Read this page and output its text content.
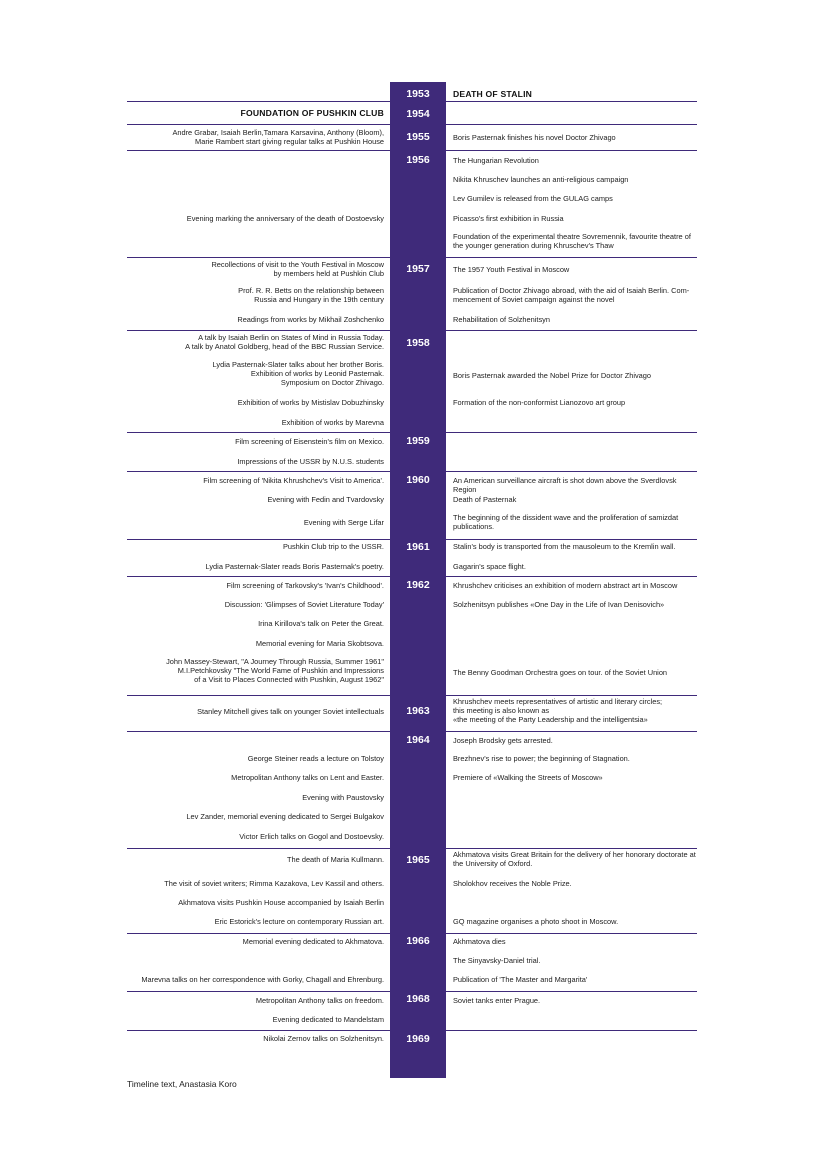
1953	DEATH OF STALIN
1954
FOUNDATION OF PUSHKIN CLUB
1955
Andre Grabar, Isaiah Berlin,Tamara Karsavina, Anthony (Bloom),
Marie Rambert start giving regular talks at Pushkin House	Boris Pasternak finishes his novel Doctor Zhivago
1956
Evening marking the anniversary of the death of Dostoevsky
The Hungarian Revolution
Nikita Khruschev launches an anti-religious campaign
Lev Gumilev is released from the GULAG camps
Picasso's first exhibition in Russia
Foundation of the experimental theatre Sovremennik, favourite theatre of
the younger generation during Khruschev's Thaw
1957
Recollections of visit to the Youth Festival in Moscow
by members held at Pushkin Club
Prof. R. R. Betts on the relationship between
Russia and Hungary in the 19th century
Readings from works by Mikhail Zoshchenko
The 1957 Youth Festival in Moscow
Publication of Doctor Zhivago abroad, with the aid of Isaiah Berlin. Com-
mencement of Soviet campaign against the novel
Rehabilitation of Solzhenitsyn
1958
A talk by Isaiah Berlin on States of Mind in Russia Today.
A talk by Anatol Goldberg, head of the BBC Russian Service.
Lydia Pasternak-Slater talks about her brother Boris.
Exhibition of works by Leonid Pasternak.
Symposium on Doctor Zhivago.
Exhibition of works by Mistislav Dobuzhinsky
Exhibition of works by Marevna
Boris Pasternak awarded the Nobel Prize for Doctor Zhivago
Formation of the non-conformist Lianozovo art group
1959
Film screening of Eisenstein's film on Mexico.
Impressions of the USSR by N.U.S. students
1960
Film screening of 'Nikita Khrushchev's Visit to America'.
Evening with Fedin and Tvardovsky
Evening with Serge Lifar
An American surveillance aircraft is shot down above the Sverdlovsk Region
Death of Pasternak
The beginning of the dissident wave and the proliferation of samizdat
publications.
1961
Pushkin Club trip to the USSR.
Lydia Pasternak-Slater reads Boris Pasternak's poetry.
Stalin's body is transported from the mausoleum to the Kremlin wall.
Gagarin's space flight.
1962
Film screening of Tarkovsky's 'Ivan's Childhood'.
Discussion: 'Glimpses of Soviet Literature Today'
Irina Kirillova's talk on Peter the Great.
Memorial evening for Maria Skobtsova.
John Massey-Stewart, "A Journey Through Russia, Summer 1961"
M.I.Petchkovsky "The World Fame of Pushkin and Impressions
of a Visit to Places Connected with Pushkin, August 1962"
Khrushchev criticises an exhibition of modern abstract art in Moscow
Solzhenitsyn publishes «One Day in the Life of Ivan Denisovich»
The Benny Goodman Orchestra goes on tour. of the Soviet Union
1963
Stanley Mitchell gives talk on younger Soviet intellectuals
Khrushchev meets representatives of artistic and literary circles;
this meeting is also known as
«the meeting of the Party Leadership and the intelligentsia»
1964
George Steiner reads a lecture on Tolstoy
Metropolitan Anthony talks on Lent and Easter.
Evening with Paustovsky
Lev Zander, memorial evening dedicated to Sergei Bulgakov
Victor Erlich talks on Gogol and Dostoevsky.
Joseph Brodsky gets arrested.
Brezhnev's rise to power; the beginning of Stagnation.
Premiere of «Walking the Streets of Moscow»
1965
The death of Maria Kullmann.
The visit of soviet writers; Rimma Kazakova, Lev Kassil and others.
Akhmatova visits Pushkin House accompanied by Isaiah Berlin
Eric Estorick's lecture on contemporary Russian art.
Akhmatova visits Great Britain for the delivery of her honorary doctorate at
the University of Oxford.
Sholokhov receives the Noble Prize.
GQ magazine organises a photo shoot in Moscow.
1966
Memorial evening dedicated to Akhmatova.
Marevna talks on her correspondence with Gorky, Chagall and Ehrenburg.
Akhmatova dies
The Sinyavsky-Daniel trial.
Publication of 'The Master and Margarita'
1968
Metropolitan Anthony talks on freedom.
Evening dedicated to Mandelstam
Soviet tanks enter Prague.
1969
Nikolai Zernov talks on Solzhenitsyn.
Timeline text, Anastasia Koro
